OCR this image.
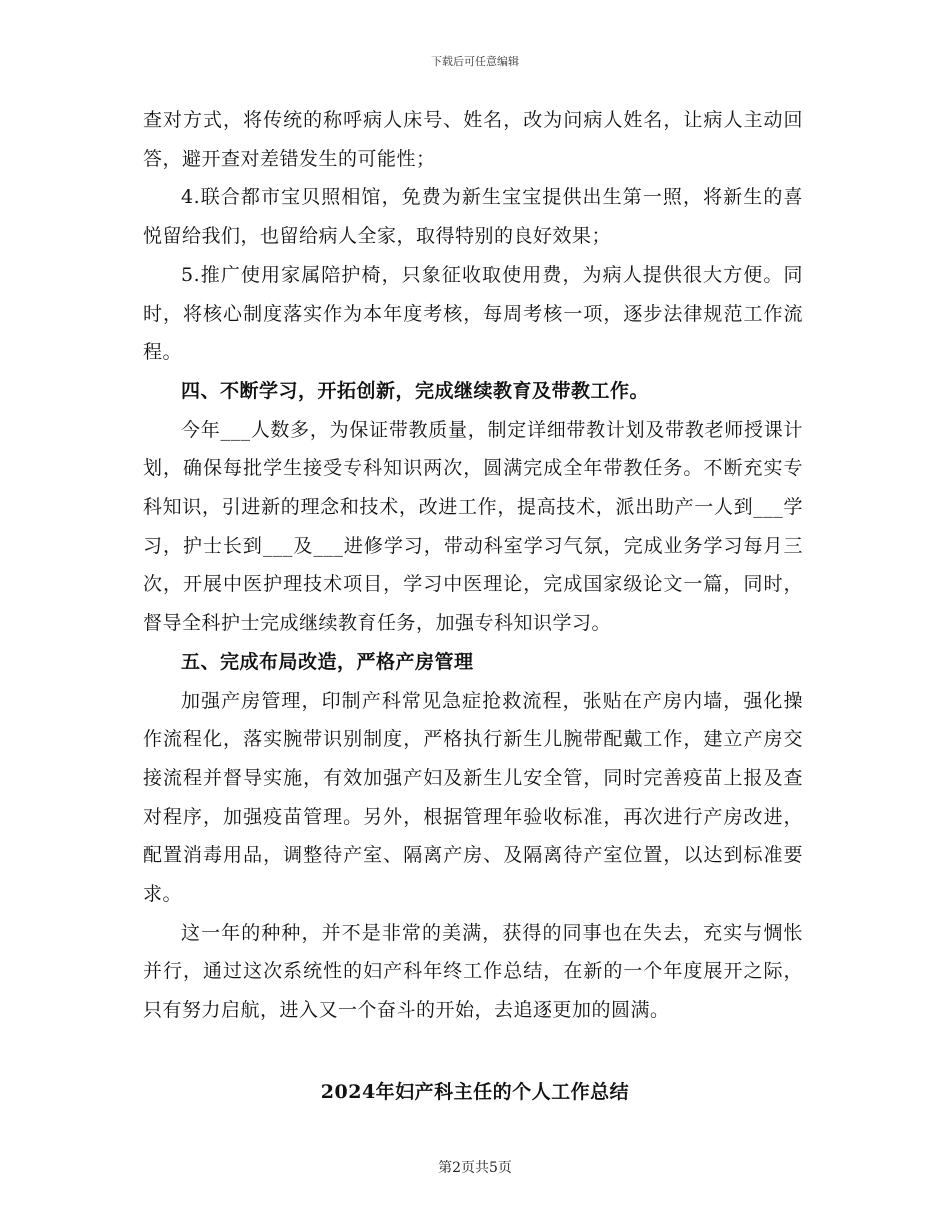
下载后可任意编辑

查对方式，将传统的称呼病人床号、姓名，改为问病人姓名，让病人主动回答，避开查对差错发生的可能性；

4.联合都市宝贝照相馆，免费为新生宝宝提供出生第一照，将新生的喜悦留给我们，也留给病人全家，取得特别的良好效果；

5.推广使用家属陪护椅，只象征收取使用费，为病人提供很大方便。同时，将核心制度落实作为本年度考核，每周考核一项，逐步法律规范工作流程。

四、不断学习，开拓创新，完成继续教育及带教工作。

今年___人数多，为保证带教质量，制定详细带教计划及带教老师授课计划，确保每批学生接受专科知识两次，圆满完成全年带教任务。不断充实专科知识，引进新的理念和技术，改进工作，提高技术，派出助产一人到___学习，护士长到___及___进修学习，带动科室学习气氛，完成业务学习每月三次，开展中医护理技术项目，学习中医理论，完成国家级论文一篇，同时，督导全科护士完成继续教育任务，加强专科知识学习。

五、完成布局改造，严格产房管理

加强产房管理，印制产科常见急症抢救流程，张贴在产房内墙，强化操作流程化，落实腕带识别制度，严格执行新生儿腕带配戴工作，建立产房交接流程并督导实施，有效加强产妇及新生儿安全管，同时完善疫苗上报及查对程序，加强疫苗管理。另外，根据管理年验收标准，再次进行产房改进，配置消毒用品，调整待产室、隔离产房、及隔离待产室位置，以达到标准要求。

这一年的种种，并不是非常的美满，获得的同事也在失去，充实与惆怅并行，通过这次系统性的妇产科年终工作总结，在新的一个年度展开之际，只有努力启航，进入又一个奋斗的开始，去追逐更加的圆满。

2024年妇产科主任的个人工作总结
第2页共5页
